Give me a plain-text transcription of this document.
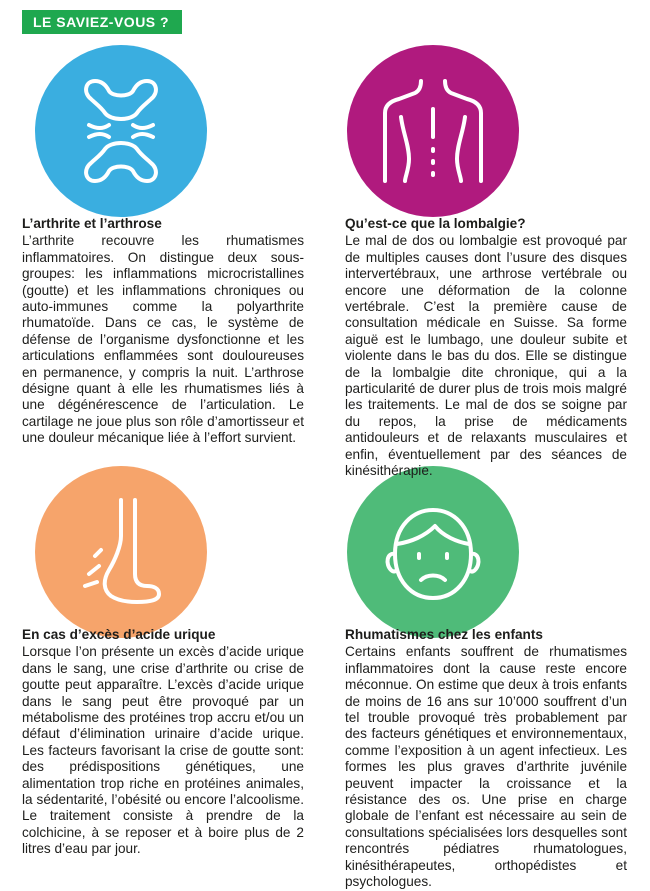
LE SAVIEZ-VOUS ?
L’arthrite et l’arthrose

L’arthrite recouvre les rhumatismes inflammatoires. On distingue deux sous-groupes: les inflammations microcristallines (goutte) et les inflammations chroniques ou auto-immunes comme la polyarthrite rhumatoïde. Dans ce cas, le système de défense de l’organisme dysfonctionne et les articulations enflammées sont douloureuses en permanence, y compris la nuit. L’arthrose désigne quant à elle les rhumatismes liés à une dégénérescence de l’articulation. Le cartilage ne joue plus son rôle d’amortisseur et une douleur mécanique liée à l’effort survient.

Qu’est-ce que la lombalgie?

Le mal de dos ou lombalgie est provoqué par de multiples causes dont l’usure des disques intervertébraux, une arthrose vertébrale ou encore une déformation de la colonne vertébrale. C’est la première cause de consultation médicale en Suisse. Sa forme aiguë est le lumbago, une douleur subite et violente dans le bas du dos. Elle se distingue de la lombalgie dite chronique, qui a la particularité de durer plus de trois mois malgré les traitements. Le mal de dos se soigne par du repos, la prise de médicaments antidouleurs et de relaxants musculaires et enfin, éventuellement par des séances de kinésithérapie.

En cas d’excès d’acide urique

Lorsque l’on présente un excès d’acide urique dans le sang, une crise d’arthrite ou crise de goutte peut apparaître. L’excès d’acide urique dans le sang peut être provoqué par un métabolisme des protéines trop accru et/ou un défaut d’élimination urinaire d’acide urique. Les facteurs favorisant la crise de goutte sont: des prédispositions génétiques, une alimentation trop riche en protéines animales, la sédentarité, l’obésité ou encore l’alcoolisme. Le traitement consiste à prendre de la colchicine, à se reposer et à boire plus de 2 litres d’eau par jour.

Rhumatismes chez les enfants

Certains enfants souffrent de rhumatismes inflammatoires dont la cause reste encore méconnue. On estime que deux à trois enfants de moins de 16 ans sur 10’000 souffrent d’un tel trouble provoqué très probablement par des facteurs génétiques et environnementaux, comme l’exposition à un agent infectieux. Les formes les plus graves d’arthrite juvénile peuvent impacter la croissance et la résistance des os. Une prise en charge globale de l’enfant est nécessaire au sein de consultations spécialisées lors desquelles sont rencontrés pédiatres rhumatologues, kinésithérapeutes, orthopédistes et psychologues.
